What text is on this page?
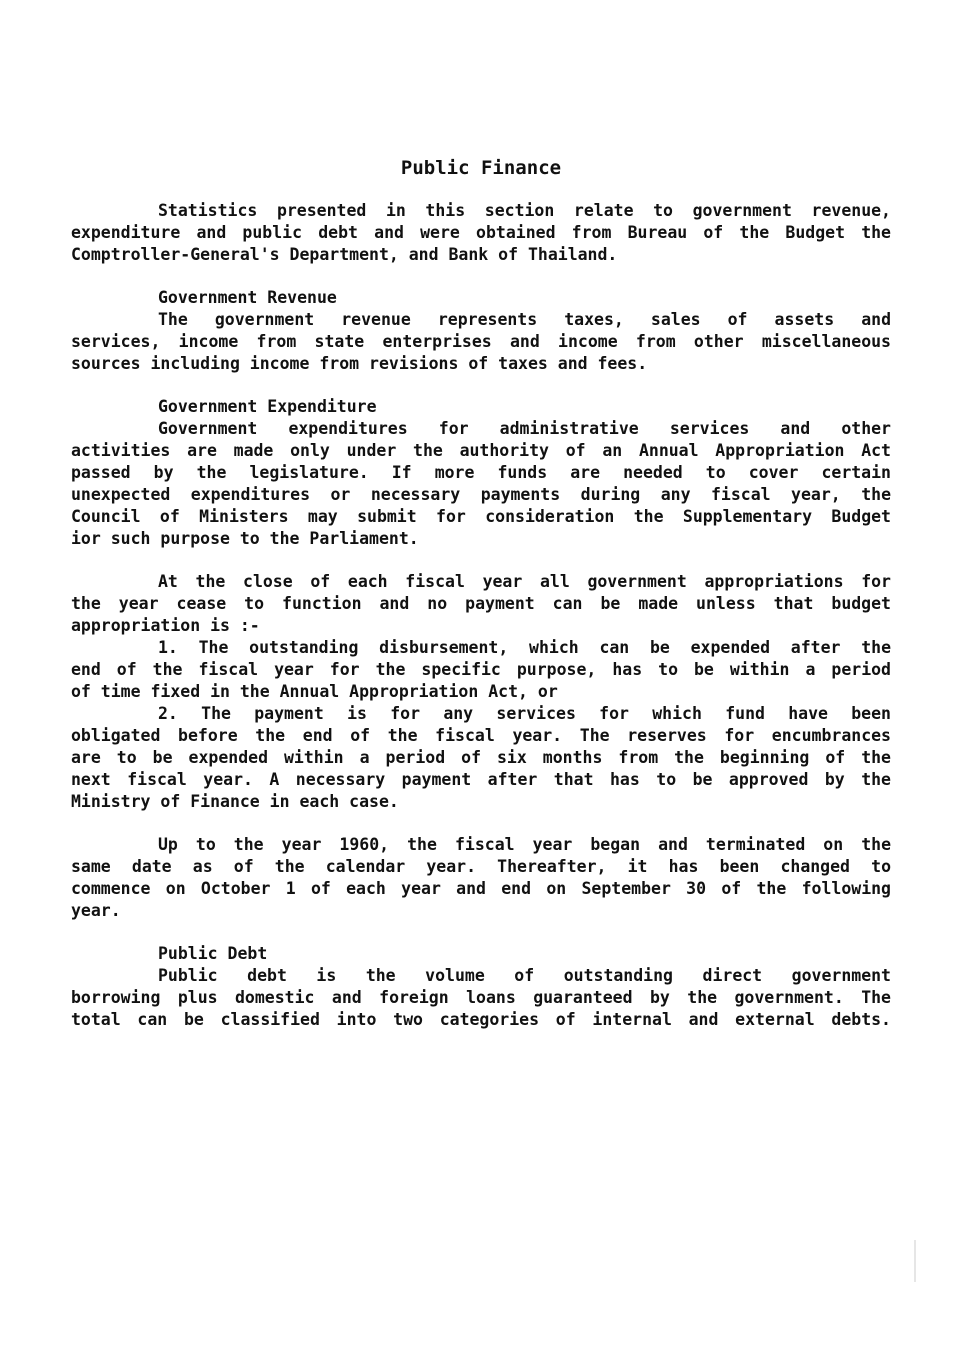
Public Finance
Statistics presented in this section relate to government revenue,
expenditure and public debt and were obtained from Bureau of the Budget the
Comptroller-General's Department, and Bank of Thailand.
Government Revenue
The government revenue represents taxes, sales of assets and
services, income from state enterprises and income from other miscellaneous
sources including income from revisions of taxes and fees.
Government Expenditure
Government expenditures for administrative services and other
activities are made only under the authority of an Annual Appropriation Act
passed by the legislature. If more funds are needed to cover certain
unexpected expenditures or necessary payments during any fiscal year, the
Council of Ministers may submit for consideration the Supplementary Budget
ior such purpose to the Parliament.
At the close of each fiscal year all government appropriations for
the year cease to function and no payment can be made unless that budget
appropriation is :-
1. The outstanding disbursement, which can be expended after the
end of the fiscal year for the specific purpose, has to be within a period
of time fixed in the Annual Appropriation Act, or
2. The payment is for any services for which fund have been
obligated before the end of the fiscal year. The reserves for encumbrances
are to be expended within a period of six months from the beginning of the
next fiscal year. A necessary payment after that has to be approved by the
Ministry of Finance in each case.
Up to the year 1960, the fiscal year began and terminated on the
same date as of the calendar year. Thereafter, it has been changed to
commence on October 1 of each year and end on September 30 of the following
year.
Public Debt
Public debt is the volume of outstanding direct government
borrowing plus domestic and foreign loans guaranteed by the government. The
total can be classified into two categories of internal and external debts.
